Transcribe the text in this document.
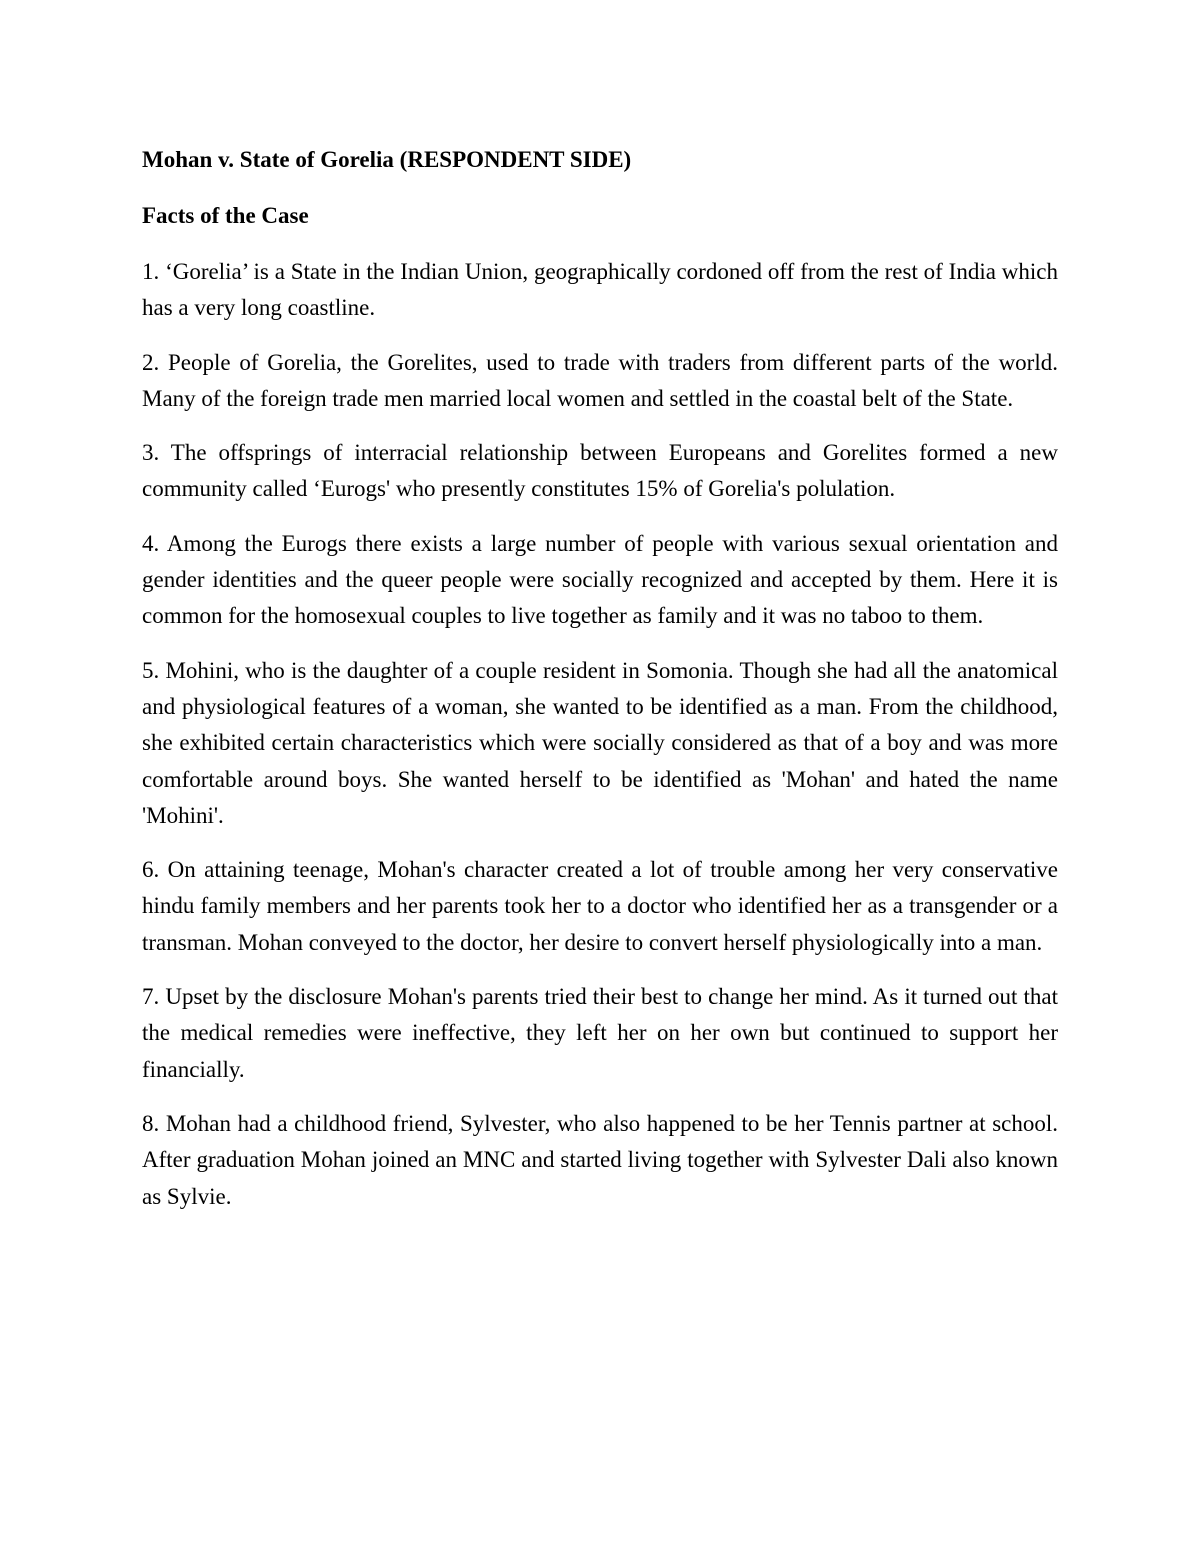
Mohan v. State of Gorelia (RESPONDENT SIDE)

Facts of the Case

1. ‘Gorelia’ is a State in the Indian Union, geographically cordoned off from the rest of India which has a very long coastline.

2. People of Gorelia, the Gorelites, used to trade with traders from different parts of the world. Many of the foreign trade men married local women and settled in the coastal belt of the State.

3. The offsprings of interracial relationship between Europeans and Gorelites formed a new community called ‘Eurogs' who presently constitutes 15% of Gorelia's polulation.

4. Among the Eurogs there exists a large number of people with various sexual orientation and gender identities and the queer people were socially recognized and accepted by them. Here it is common for the homosexual couples to live together as family and it was no taboo to them.

5. Mohini, who is the daughter of a couple resident in Somonia. Though she had all the anatomical and physiological features of a woman, she wanted to be identified as a man. From the childhood, she exhibited certain characteristics which were socially considered as that of a boy and was more comfortable around boys. She wanted herself to be identified as 'Mohan' and hated the name 'Mohini'.

6. On attaining teenage, Mohan's character created a lot of trouble among her very conservative hindu family members and her parents took her to a doctor who identified her as a transgender or a transman. Mohan conveyed to the doctor, her desire to convert herself physiologically into a man.

7. Upset by the disclosure Mohan's parents tried their best to change her mind. As it turned out that the medical remedies were ineffective, they left her on her own but continued to support her financially.

8. Mohan had a childhood friend, Sylvester, who also happened to be her Tennis partner at school. After graduation Mohan joined an MNC and started living together with Sylvester Dali also known as Sylvie.
